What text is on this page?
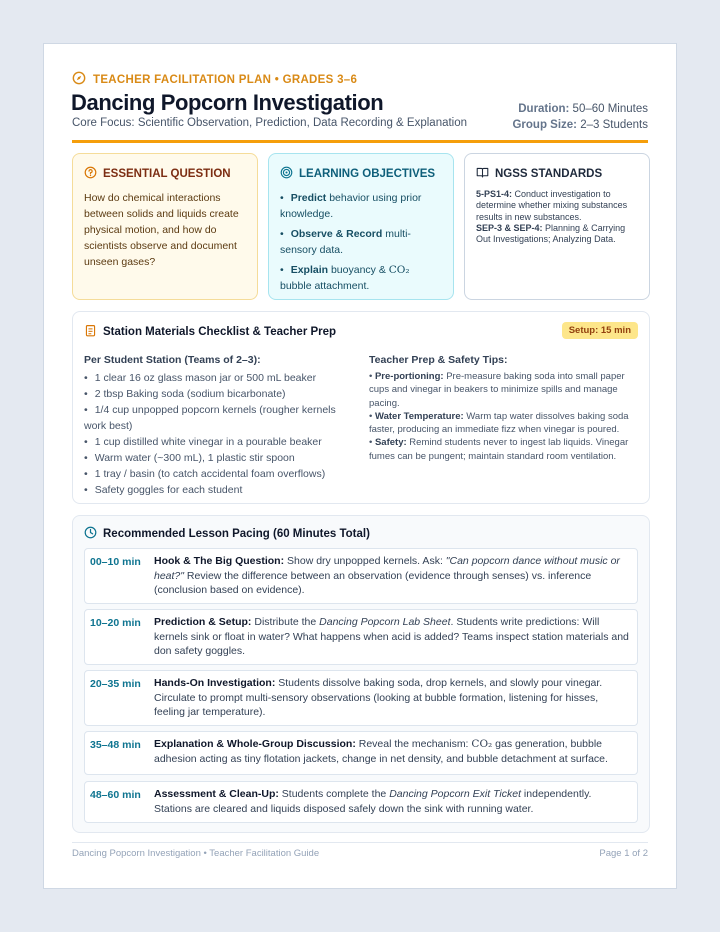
TEACHER FACILITATION PLAN • GRADES 3–6
Dancing Popcorn Investigation
Core Focus: Scientific Observation, Prediction, Data Recording & Explanation
Duration: 50–60 Minutes
Group Size: 2–3 Students
ESSENTIAL QUESTION

How do chemical interactions between solids and liquids create physical motion, and how do scientists observe and document unseen gases?

LEARNING OBJECTIVES
• Predict behavior using prior knowledge.
• Observe & Record multi-sensory data.
• Explain buoyancy & CO₂ bubble attachment.
NGSS STANDARDS

5-PS1-4: Conduct investigation to determine whether mixing substances results in new substances.
SEP-3 & SEP-4: Planning & Carrying Out Investigations; Analyzing Data.

Station Materials Checklist & Teacher Prep	Setup: 15 min
Per Student Station (Teams of 2–3):
• 1 clear 16 oz glass mason jar or 500 mL beaker
• 2 tbsp Baking soda (sodium bicarbonate)
• 1/4 cup unpopped popcorn kernels (rougher kernels work best)
• 1 cup distilled white vinegar in a pourable beaker
• Warm water (~300 mL), 1 plastic stir spoon
• 1 tray / basin (to catch accidental foam overflows)
• Safety goggles for each student
Teacher Prep & Safety Tips:
• Pre-portioning: Pre-measure baking soda into small paper cups and vinegar in beakers to minimize spills and manage pacing.
• Water Temperature: Warm tap water dissolves baking soda faster, producing an immediate fizz when vinegar is poured.
• Safety: Remind students never to ingest lab liquids. Vinegar fumes can be pungent; maintain standard room ventilation.
Recommended Lesson Pacing (60 Minutes Total)
00–10 min Hook & The Big Question: Show dry unpopped kernels. Ask: "Can popcorn dance without music or heat?" Review the difference between an observation (evidence through senses) vs. inference (conclusion based on evidence).
10–20 min Prediction & Setup: Distribute the Dancing Popcorn Lab Sheet. Students write predictions: Will kernels sink or float in water? What happens when acid is added? Teams inspect station materials and don safety goggles.
20–35 min Hands-On Investigation: Students dissolve baking soda, drop kernels, and slowly pour vinegar. Circulate to prompt multi-sensory observations (looking at bubble formation, listening for hisses, feeling jar temperature).
35–48 min Explanation & Whole-Group Discussion: Reveal the mechanism: CO₂ gas generation, bubble adhesion acting as tiny flotation jackets, change in net density, and bubble detachment at surface.
48–60 min Assessment & Clean-Up: Students complete the Dancing Popcorn Exit Ticket independently. Stations are cleared and liquids disposed safely down the sink with running water.
Dancing Popcorn Investigation • Teacher Facilitation Guide	Page 1 of 2
